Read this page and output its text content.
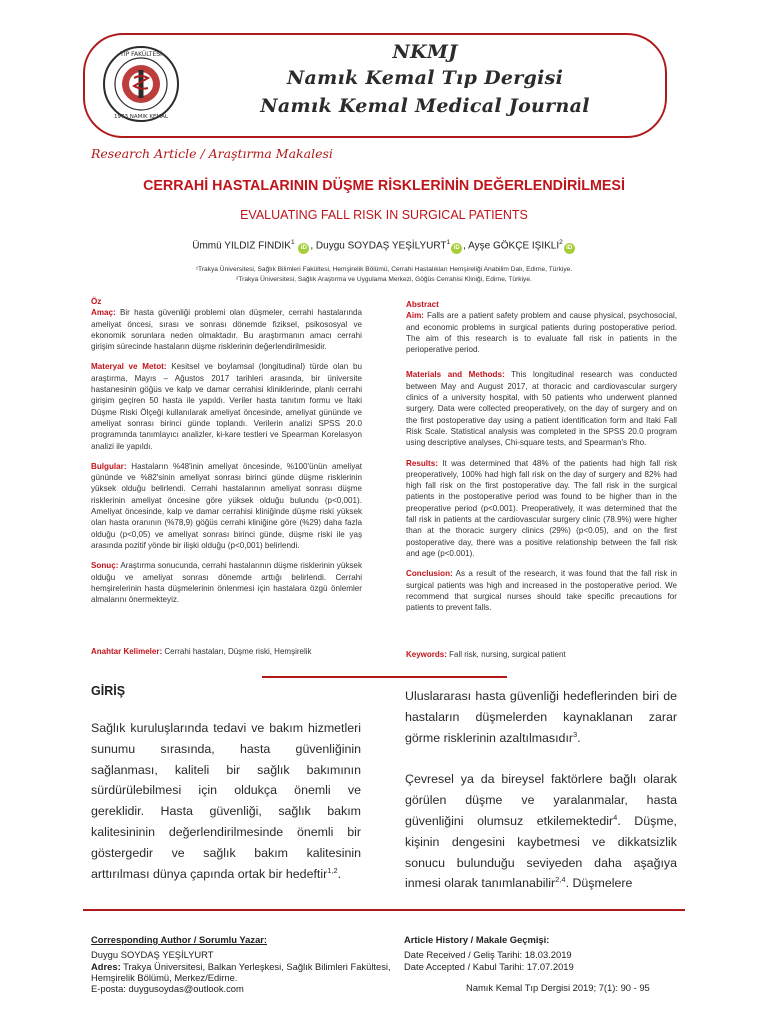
TIP FAKÜLTESİ
1973 NAMIK KEMAL
NKMJ
Namık Kemal Tıp Dergisi
Namık Kemal Medical Journal
Research Article / Araştırma Makalesi
CERRAHİ HASTALARININ DÜŞME RİSKLERİNİN DEĞERLENDİRİLMESİ
EVALUATING FALL RISK IN SURGICAL PATIENTS
Ümmü YILDIZ FINDIK$^1$ iD , Duygu SOYDAŞ YEŞİLYURT$^1$iD , Ayşe GÖKÇE IŞIKLI$^2$iD
¹Trakya Üniversitesi, Sağlık Bilimleri Fakültesi, Hemşirelik Bölümü, Cerrahi Hastalıkları Hemşireliği Anabilim Dalı, Edirne, Türkiye.
²Trakya Üniversitesi, Sağlık Araştırma ve Uygulama Merkezi, Göğüs Cerrahisi Kliniği, Edirne, Türkiye.
Öz
Amaç: Bir hasta güvenliği problemi olan düşmeler, cerrahi hastalarında ameliyat öncesi, sırası ve sonrası dönemde fiziksel, psikososyal ve ekonomik sorunlara neden olmaktadır. Bu araştırmanın amacı cerrahi girişim sürecinde hastaların düşme risklerinin değerlendirilmesidir.
Materyal ve Metot: Kesitsel ve boylamsal (longitudinal) türde olan bu araştırma, Mayıs – Ağustos 2017 tarihleri arasında, bir üniversite hastanesinin göğüs ve kalp ve damar cerrahisi kliniklerinde, planlı cerrahi girişim geçiren 50 hasta ile yapıldı. Veriler hasta tanıtım formu ve İtaki Düşme Riski Ölçeği kullanılarak ameliyat öncesinde, ameliyat gününde ve ameliyat sonrası birinci günde toplandı. Verilerin analizi SPSS 20.0 programında tanımlayıcı analizler, ki-kare testleri ve Spearman Korelasyon analizi ile yapıldı.
Bulgular: Hastaların %48'inin ameliyat öncesinde, %100'ünün ameliyat gününde ve %82'sinin ameliyat sonrası birinci günde düşme risklerinin yüksek olduğu belirlendi. Cerrahi hastalarının ameliyat sonrası düşme risklerinin ameliyat öncesine göre yüksek olduğu bulundu (p<0,001). Ameliyat öncesinde, kalp ve damar cerrahisi kliniğinde düşme riski yüksek olan hasta oranının (%78,9) göğüs cerrahi kliniğine göre (%29) daha fazla olduğu (p<0,05) ve ameliyat sonrası birinci günde, düşme riski ile yaş arasında pozitif yönde bir ilişki olduğu (p<0,001) belirlendi.
Sonuç: Araştırma sonucunda, cerrahi hastalarının düşme risklerinin yüksek olduğu ve ameliyat sonrası dönemde arttığı belirlendi. Cerrahi hemşirelerinin hasta düşmelerinin önlenmesi için hastalara özgü önlemler almalarını önermekteyiz.
Anahtar Kelimeler: Cerrahi hastaları, Düşme riski, Hemşirelik
Abstract
Aim: Falls are a patient safety problem and cause physical, psychosocial, and economic problems in surgical patients during postoperative period. The aim of this research is to evaluate fall risk in patients in the perioperative period.
Materials and Methods: This longitudinal research was conducted between May and August 2017, at thoracic and cardiovascular surgery clinics of a university hospital, with 50 patients who underwent planned surgery. Data were collected preoperatively, on the day of surgery and on the first postoperative day using a patient identification form and Itaki Fall Risk Scale. Statistical analysis was completed in the SPSS 20.0 program using descriptive analyses, Chi-square tests, and Spearman's Rho.
Results: It was determined that 48% of the patients had high fall risk preoperatively, 100% had high fall risk on the day of surgery and 82% had high fall risk on the first postoperative day. The fall risk in the surgical patients in the postoperative period was found to be higher than in the preoperative period (p<0.001). Preoperatively, it was determined that the fall risk in patients at the cardiovascular surgery clinic (78.9%) were higher than at the thoracic surgery clinics (29%) (p<0.05), and on the first postoperative day, there was a positive relationship between the fall risk and age (p<0.001).
Conclusion: As a result of the research, it was found that the fall risk in surgical patients was high and increased in the postoperative period. We recommend that surgical nurses should take specific precautions for patients to prevent falls.
Keywords: Fall risk, nursing, surgical patient
GİRİŞ
Sağlık kuruluşlarında tedavi ve bakım hizmetleri sunumu sırasında, hasta güvenliğinin sağlanması, kaliteli bir sağlık bakımının sürdürülebilmesi için oldukça önemli ve gereklidir. Hasta güvenliği, sağlık bakım kalitesininin değerlendirilmesinde önemli bir göstergedir ve sağlık bakım kalitesinin arttırılması dünya çapında ortak bir hedeftir$^{1,2}$.

Uluslararası hasta güvenliği hedeflerinden biri de hastaların düşmelerden kaynaklanan zarar görme risklerinin azaltılmasıdır$^3$.

Çevresel ya da bireysel faktörlere bağlı olarak görülen düşme ve yaralanmalar, hasta güvenliğini olumsuz etkilemektedir$^4$. Düşme, kişinin dengesini kaybetmesi ve dikkatsizlik sonucu bulunduğu seviyeden daha aşağıya inmesi olarak tanımlanabilir$^{2,4}$. Düşmelere

Corresponding Author / Sorumlu Yazar:
Duygu SOYDAŞ YEŞİLYURT
Adres: Trakya Üniversitesi, Balkan Yerleşkesi, Sağlık Bilimleri Fakültesi, Hemşirelik Bölümü, Merkez/Edirne.
E-posta: duygusoydas@outlook.com
Article History / Makale Geçmişi:
Date Received / Geliş Tarihi: 18.03.2019
Date Accepted / Kabul Tarihi: 17.07.2019
Namık Kemal Tıp Dergisi 2019; 7(1): 90 - 95
